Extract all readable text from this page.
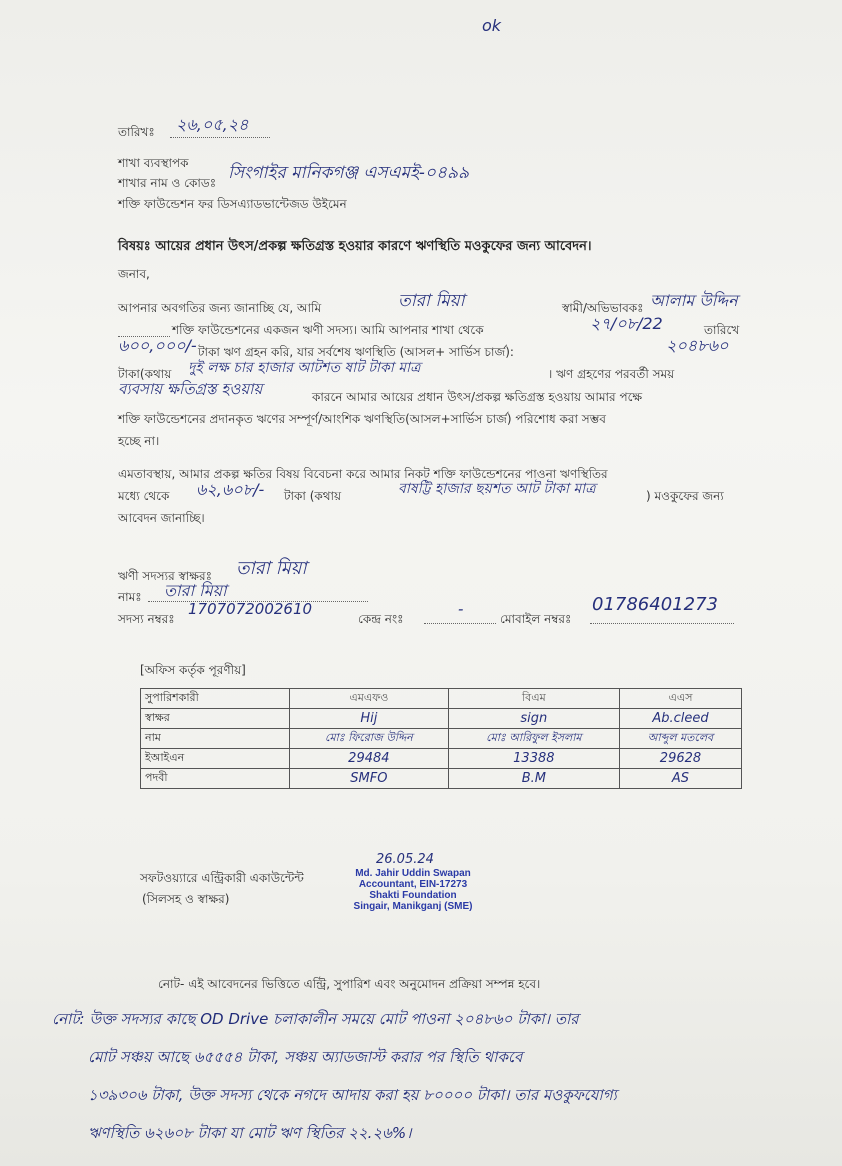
ok
তারিখঃ ২৬,০৫,২৪
শাখা ব্যবস্থাপক
শাখার নাম ও কোডঃ সিংগাইর মানিকগঞ্জ এসএমই-০৪৯৯
শক্তি ফাউন্ডেশন ফর ডিসএ্যাডভান্টেজড উইমেন
বিষয়ঃ আয়ের প্রধান উৎস/প্রকল্প ক্ষতিগ্রস্ত হওয়ার কারণে ঋণস্থিতি মওকুফের জন্য আবেদন।
জনাব,
আপনার অবগতির জন্য জানাচ্ছি যে, আমি	তারা মিয়া	স্বামী/অভিভাবকঃ আলাম উদ্দিন
শক্তি ফাউন্ডেশনের একজন ঋণী সদস্য। আমি আপনার শাখা থেকে	২৭/০৮/22	তারিখে
৬০০,০০০/- টাকা ঋণ গ্রহন করি, যার সর্বশেষ ঋণস্থিতি (আসল+ সার্ভিস চার্জ):	২০৪৮৬০
টাকা(কথায় দুই লক্ষ চার হাজার আটশত ষাট টাকা মাত্র	। ঋণ গ্রহণের পরবর্তী সময়
ব্যবসায় ক্ষতিগ্রস্ত হওয়ায়	কারনে আমার আয়ের প্রধান উৎস/প্রকল্প ক্ষতিগ্রস্ত হওয়ায় আমার পক্ষে
শক্তি ফাউন্ডেশনের প্রদানকৃত ঋণের সম্পূর্ণ/আংশিক ঋণস্থিতি(আসল+সার্ভিস চার্জ) পরিশোধ করা সম্ভব
হচ্ছে না।
এমতাবস্থায়, আমার প্রকল্প ক্ষতির বিষয় বিবেচনা করে আমার নিকট শক্তি ফাউন্ডেশনের পাওনা ঋণস্থিতির
মধ্যে থেকে ৬২,৬০৮/- টাকা (কথায়	বাষট্টি হাজার ছয়শত আট টাকা মাত্র	) মওকুফের জন্য
আবেদন জানাচ্ছি।
ঋণী সদস্যর স্বাক্ষরঃ তারা মিয়া
নামঃ তারা মিয়া
সদস্য নম্বরঃ
1707072002610
কেন্দ্র নংঃ
-
মোবাইল নম্বরঃ
01786401273
[অফিস কর্তৃক পূরণীয়]
সুপারিশকারী	এমএফও	বিএম	এএস
স্বাক্ষর	Hij	sign	Ab.cleed
নাম	মোঃ ফিরোজ উদ্দিন	মোঃ আরিফুল ইসলাম	আব্দুল মতলেব
ইআইএন	29484	13388	29628
পদবী	SMFO	B.M	AS
সফটওয়্যারে এন্ট্রিকারী একাউন্টেন্ট
(সিলসহ ও স্বাক্ষর)
26.05.24
Md. Jahir Uddin Swapan
Accountant, EIN-17273
Shakti Foundation
Singair, Manikganj (SME)
নোট- এই আবেদনের ভিত্তিতে এন্ট্রি, সুপারিশ এবং অনুমোদন প্রক্রিয়া সম্পন্ন হবে।
নোট: উক্ত সদস্যর কাছে OD Drive চলাকালীন সময়ে মোট পাওনা ২০৪৮৬০ টাকা। তার
মোট সঞ্চয় আছে ৬৫৫৫৪ টাকা, সঞ্চয় অ্যাডজাস্ট করার পর স্থিতি থাকবে
১৩৯৩০৬ টাকা, উক্ত সদস্য থেকে নগদে আদায় করা হয় ৮০০০০ টাকা। তার মওকুফযোগ্য
ঋণস্থিতি ৬২৬০৮ টাকা যা মোট ঋণ স্থিতির ২২.২৬%।
